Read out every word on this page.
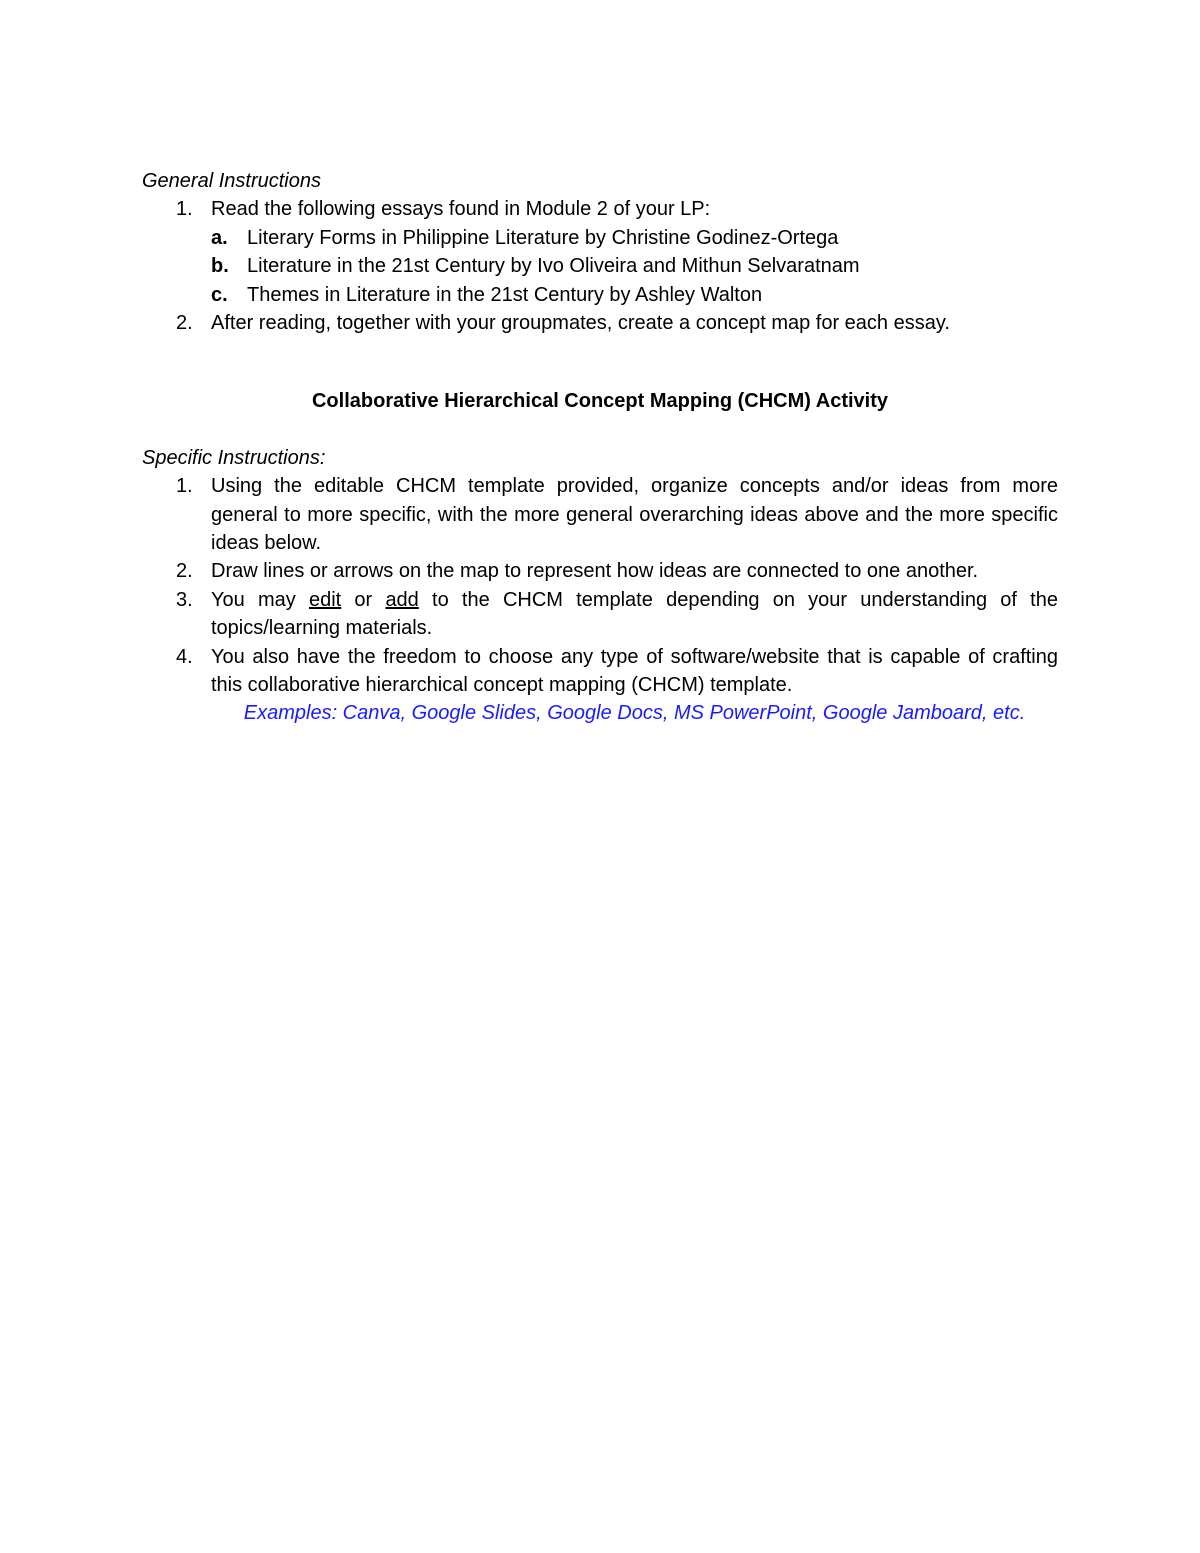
General Instructions

1. Read the following essays found in Module 2 of your LP:
a. Literary Forms in Philippine Literature by Christine Godinez-Ortega
b. Literature in the 21st Century by Ivo Oliveira and Mithun Selvaratnam
c. Themes in Literature in the 21st Century by Ashley Walton
2. After reading, together with your groupmates, create a concept map for each essay.

Collaborative Hierarchical Concept Mapping (CHCM) Activity

Specific Instructions:

1. Using the editable CHCM template provided, organize concepts and/or ideas from more general to more specific, with the more general overarching ideas above and the more specific ideas below.
2. Draw lines or arrows on the map to represent how ideas are connected to one another.
3. You may edit or add to the CHCM template depending on your understanding of the topics/learning materials.
4. You also have the freedom to choose any type of software/website that is capable of crafting this collaborative hierarchical concept mapping (CHCM) template.

Examples: Canva, Google Slides, Google Docs, MS PowerPoint, Google Jamboard, etc.
